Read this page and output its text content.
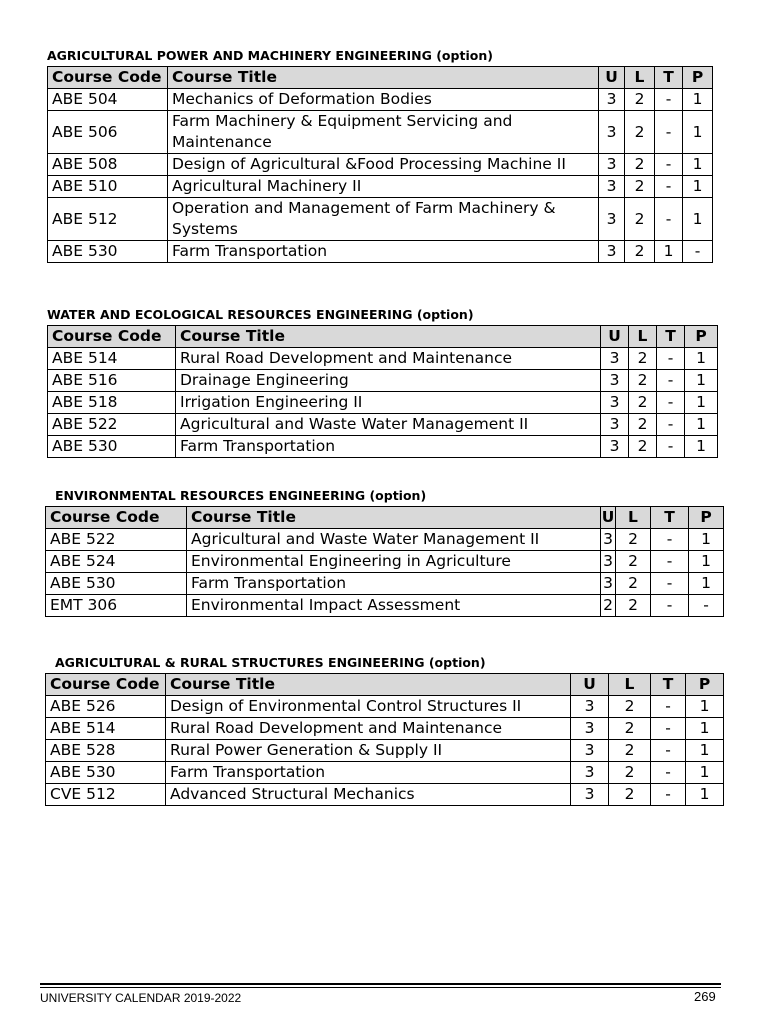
AGRICULTURAL POWER AND MACHINERY ENGINEERING (option)
Course Code	Course Title	U	L	T	P
ABE 504	Mechanics of Deformation Bodies	3	2	-	1
ABE 506	Farm Machinery & Equipment Servicing and Maintenance	3	2	-	1
ABE 508	Design of Agricultural &Food Processing Machine II	3	2	-	1
ABE 510	Agricultural Machinery II	3	2	-	1
ABE 512	Operation and Management of Farm Machinery & Systems	3	2	-	1
ABE 530	Farm Transportation	3	2	1	-
WATER AND ECOLOGICAL RESOURCES ENGINEERING (option)
Course Code	Course Title	U	L	T	P
ABE 514	Rural Road Development and Maintenance	3	2	-	1
ABE 516	Drainage Engineering	3	2	-	1
ABE 518	Irrigation Engineering II	3	2	-	1
ABE 522	Agricultural and Waste Water Management II	3	2	-	1
ABE 530	Farm Transportation	3	2	-	1
ENVIRONMENTAL RESOURCES ENGINEERING (option)
Course Code	Course Title	U	L	T	P
ABE 522	Agricultural and Waste Water Management II	3	2	-	1
ABE 524	Environmental Engineering in Agriculture	3	2	-	1
ABE 530	Farm Transportation	3	2	-	1
EMT 306	Environmental Impact Assessment	2	2	-	-
AGRICULTURAL & RURAL STRUCTURES ENGINEERING (option)
Course Code	Course Title	U	L	T	P
ABE 526	Design of Environmental Control Structures II	3	2	-	1
ABE 514	Rural Road Development and Maintenance	3	2	-	1
ABE 528	Rural Power Generation & Supply II	3	2	-	1
ABE 530	Farm Transportation	3	2	-	1
CVE 512	Advanced Structural Mechanics	3	2	-	1
UNIVERSITY CALENDAR 2019-2022	269
